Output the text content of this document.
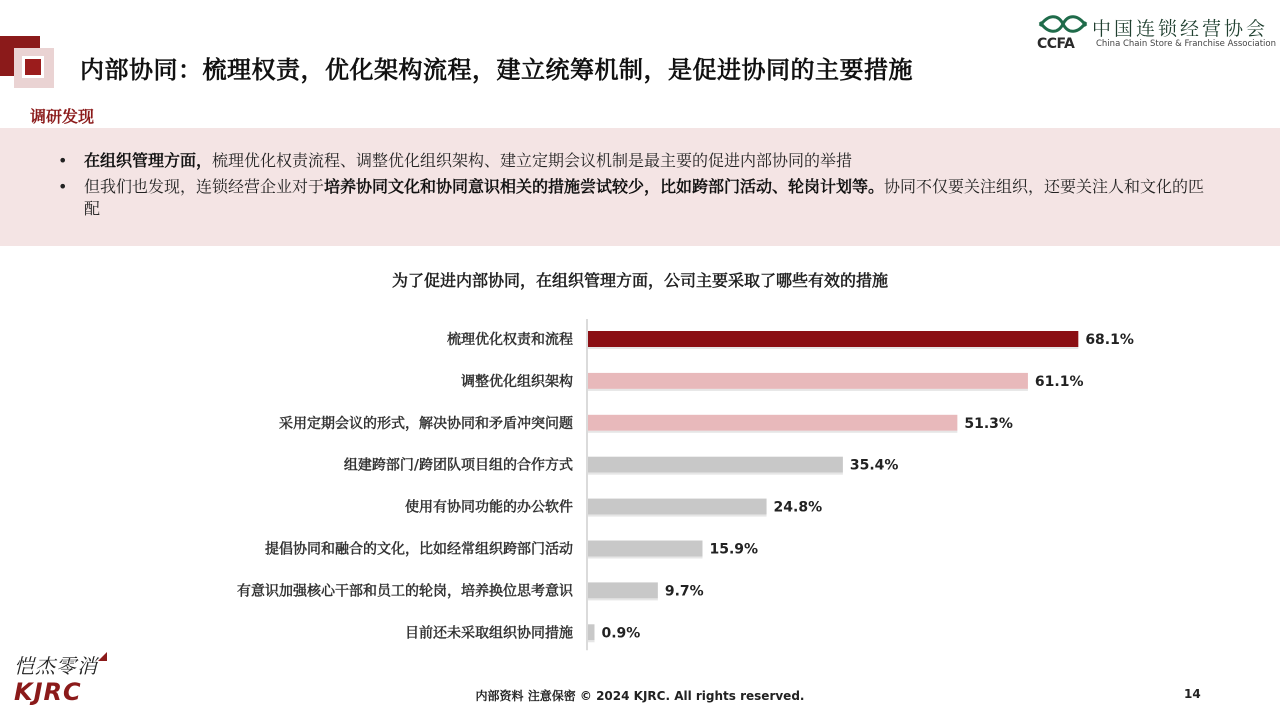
内部协同：梳理权责，优化架构流程，建立统筹机制，是促进协同的主要措施
CCFA
中国连锁经营协会
China Chain Store & Franchise Association
调研发现
• 在组织管理方面，梳理优化权责流程、调整优化组织架构、建立定期会议机制是最主要的促进内部协同的举措
• 但我们也发现，连锁经营企业对于培养协同文化和协同意识相关的措施尝试较少，比如跨部门活动、轮岗计划等。协同不仅要关注组织，还要关注人和文化的匹配
为了促进内部协同，在组织管理方面，公司主要采取了哪些有效的措施
梳理优化权责和流程	68.1%
调整优化组织架构	61.1%
采用定期会议的形式，解决协同和矛盾冲突问题	51.3%
组建跨部门/跨团队项目组的合作方式	35.4%
使用有协同功能的办公软件	24.8%
提倡协同和融合的文化，比如经常组织跨部门活动	15.9%
有意识加强核心干部和员工的轮岗，培养换位思考意识	9.7%
目前还未采取组织协同措施 0.9%
恺杰零消
KJRC	内部资料 注意保密 © 2024 KJRC. All rights reserved.	14
